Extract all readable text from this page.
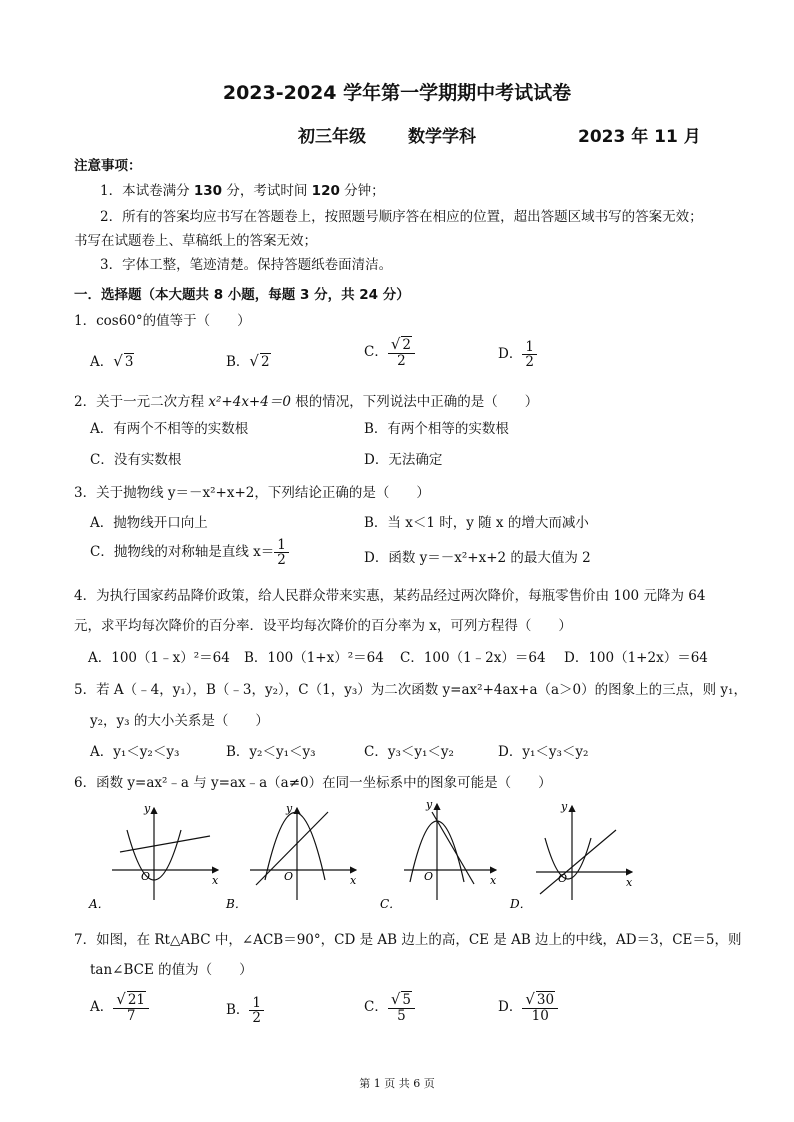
2023-2024 学年第一学期期中考试试卷
初三年级 数学学科	2023 年 11 月
注意事项：
1．本试卷满分 130 分，考试时间 120 分钟；
2．所有的答案均应书写在答题卷上，按照题号顺序答在相应的位置，超出答题区域书写的答案无效；
书写在试题卷上、草稿纸上的答案无效；
3．字体工整，笔迹清楚。保持答题纸卷面清洁。
一．选择题（本大题共 8 小题，每题 3 分，共 24 分）
1．cos60°的值等于（　　）
A．√ 3	B．√ 2
C． $\frac{√ 2}{2}$	D． $\frac{1}{2}$
2．关于一元二次方程 x²+4x+4＝0 根的情况，下列说法中正确的是（　　）
A．有两个不相等的实数根	B．有两个相等的实数根
C．没有实数根	D．无法确定
3．关于抛物线 y＝－x²+x+2，下列结论正确的是（　　）
A．抛物线开口向上	B．当 x＜1 时，y 随 x 的增大而减小
C．抛物线的对称轴是直线 $x= \frac{1}{2}$	D．函数 y＝－x²+x+2 的最大值为 2
4．为执行国家药品降价政策，给人民群众带来实惠，某药品经过两次降价，每瓶零售价由 100 元降为 64
元，求平均每次降价的百分率．设平均每次降价的百分率为 x，可列方程得（　　）
A．100（1﹣x）²＝64 B．100（1+x）²＝64 C．100（1﹣2x）＝64 D．100（1+2x）＝64
5．若 A（﹣4，y₁），B（﹣3，y₂），C（1，y₃）为二次函数 y=ax²+4ax+a（a＞0）的图象上的三点，则 y₁，
y₂，y₃ 的大小关系是（　　）
A．y₁＜y₂＜y₃	B．y₂＜y₁＜y₃	C．y₃＜y₁＜y₂	D．y₁＜y₃＜y₂
6．函数 y=ax²﹣a 与 y=ax﹣a（a≠0）在同一坐标系中的图象可能是（　　）
y
x
O
A．
y
x
O
B．
y
x
O
C．
y
x
O
D．
7．如图，在 Rt△ABC 中，∠ACB＝90°，CD 是 AB 边上的高，CE 是 AB 边上的中线，AD＝3，CE＝5，则
tan∠BCE 的值为（　　）
A． $\frac{√ 21}{7}$	B． $\frac{1}{2}$	C． $\frac{√ 5}{5}$	D． $\frac{√ 30}{10}$
第 1 页 共 6 页
